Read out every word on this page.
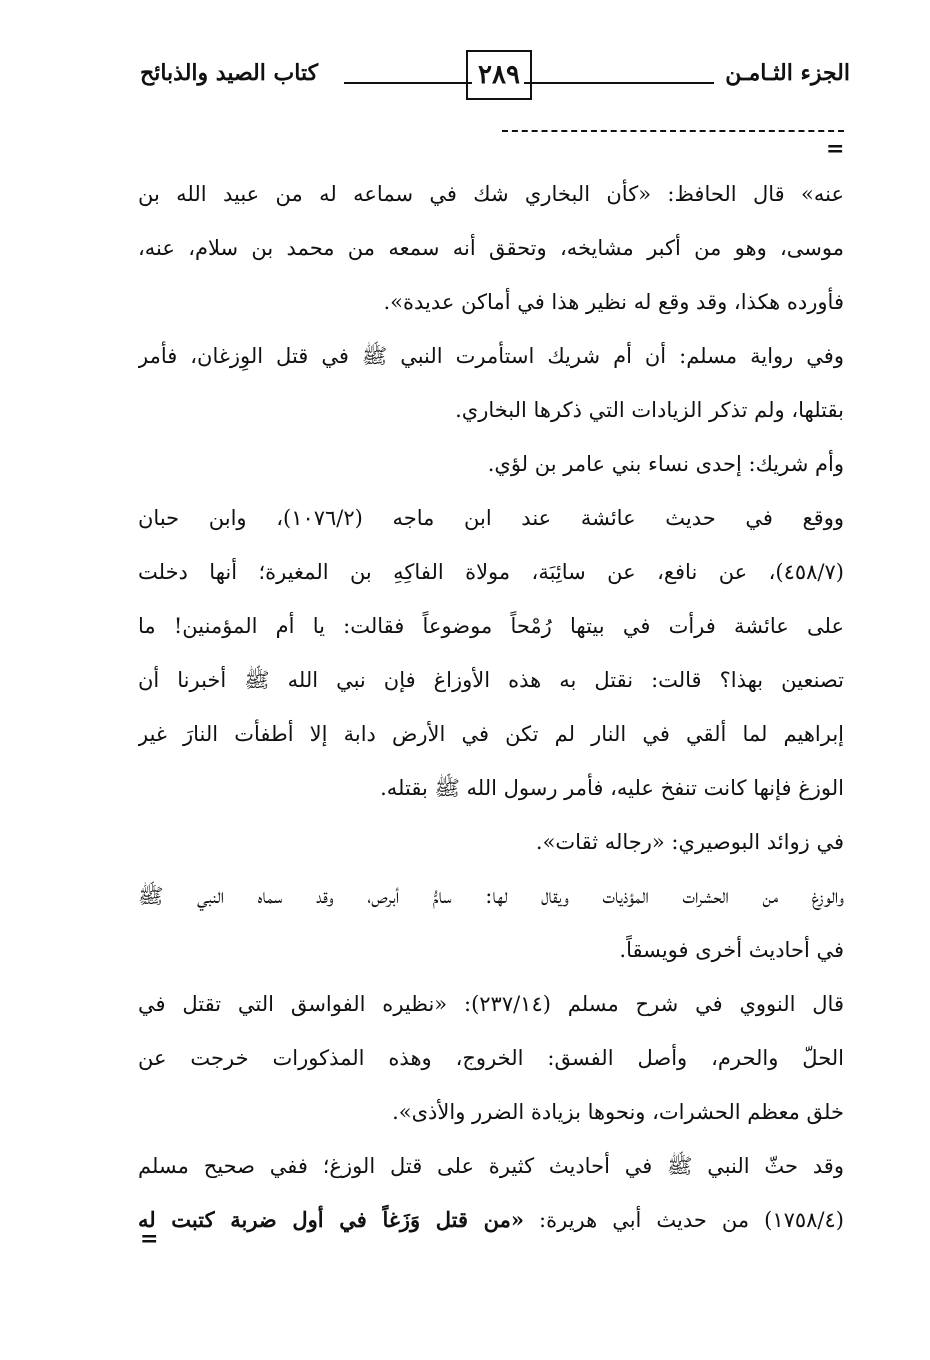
الجزء الثـامـن
٢٨٩
كتاب الصيد والذبائح
=
عنه» قال الحافظ: «كأن البخاري شك في سماعه له من عبيد الله بن
موسى، وهو من أكبر مشايخه، وتحقق أنه سمعه من محمد بن سلام، عنه،
فأورده هكذا، وقد وقع له نظير هذا في أماكن عديدة».
وفي رواية مسلم: أن أم شريك استأمرت النبي ﷺ في قتل الوِزغان، فأمر
بقتلها، ولم تذكر الزيادات التي ذكرها البخاري.
وأم شريك: إحدى نساء بني عامر بن لؤي.
ووقع في حديث عائشة عند ابن ماجه (١٠٧٦/٢)، وابن حبان
(٤٥٨/٧)، عن نافع، عن سائِبَة، مولاة الفاكِهِ بن المغيرة؛ أنها دخلت
على عائشة فرأت في بيتها رُمْحاً موضوعاً فقالت: يا أم المؤمنين! ما
تصنعين بهذا؟ قالت: نقتل به هذه الأوزاغ فإن نبي الله ﷺ أخبرنا أن
إبراهيم لما ألقي في النار لم تكن في الأرض دابة إلا أطفأت النارَ غير
الوزغ فإنها كانت تنفخ عليه، فأمر رسول الله ﷺ بقتله.
في زوائد البوصيري: «رجاله ثقات».
والوزغ من الحشرات المؤذيات ويقال لها: سامُّ أبرص، وقد سماه النبي ﷺ
في أحاديث أخرى فويسقاً.
قال النووي في شرح مسلم (٢٣٧/١٤): «نظيره الفواسق التي تقتل في
الحلّ والحرم، وأصل الفسق: الخروج، وهذه المذكورات خرجت عن
خلق معظم الحشرات، ونحوها بزيادة الضرر والأذى».
وقد حثّ النبي ﷺ في أحاديث كثيرة على قتل الوزغ؛ ففي صحيح مسلم
(١٧٥٨/٤) من حديث أبي هريرة: «من قتل وَزَغاً في أول ضربة كتبت له
=
